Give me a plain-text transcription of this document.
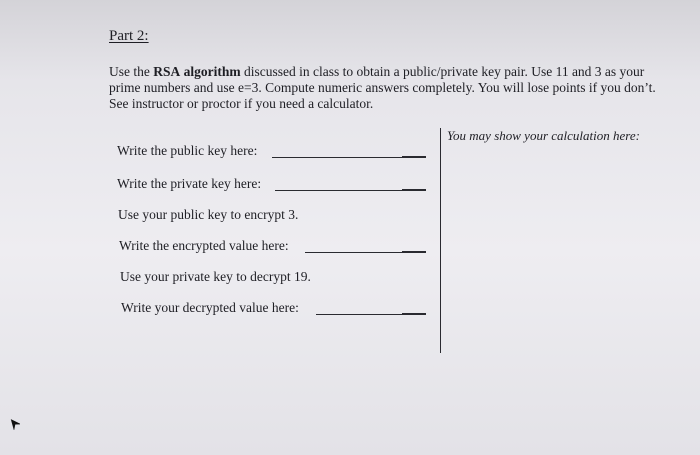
Part 2:
Use the RSA algorithm discussed in class to obtain a public/private key pair. Use 11 and 3 as your prime numbers and use e=3. Compute numeric answers completely. You will lose points if you don’t. See instructor or proctor if you need a calculator.
You may show your calculation here:
Write the public key here:
Write the private key here:
Use your public key to encrypt 3.
Write the encrypted value here:
Use your private key to decrypt 19.
Write your decrypted value here:
